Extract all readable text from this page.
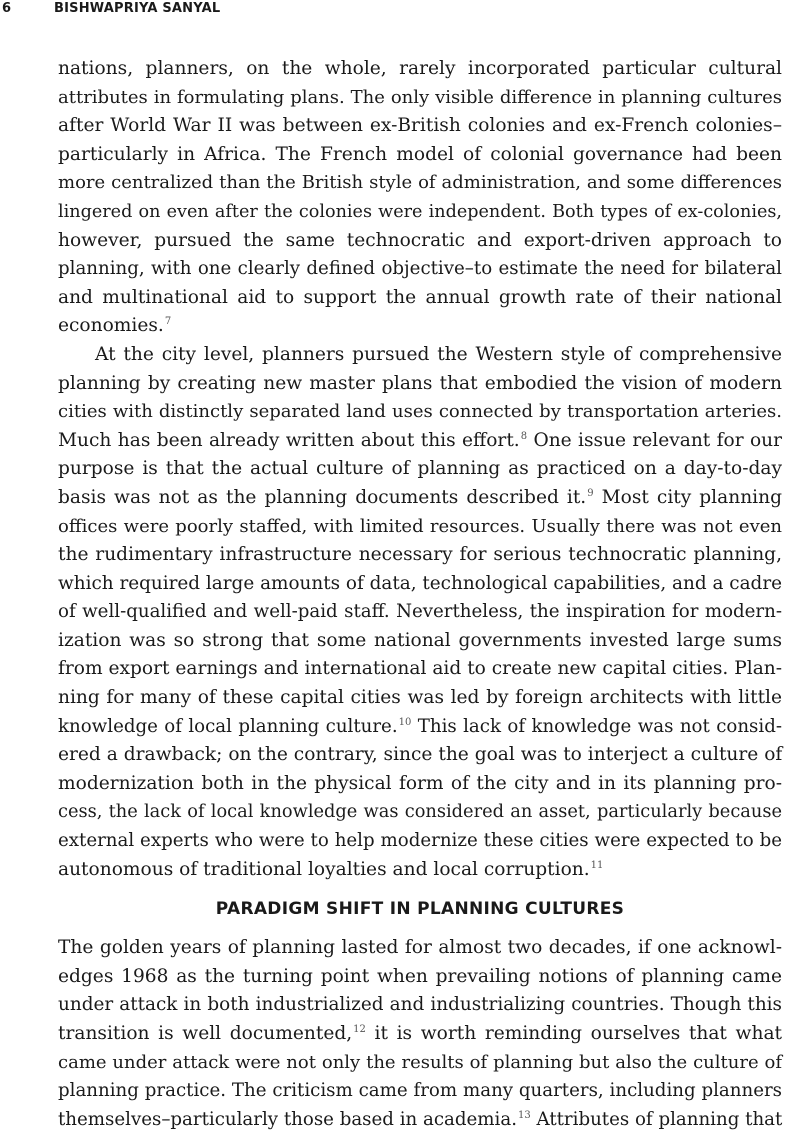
6	BISHWAPRIYA SANYAL
nations, planners, on the whole, rarely incorporated particular cultural
attributes in formulating plans. The only visible difference in planning cultures
after World War II was between ex-British colonies and ex-French colonies–
particularly in Africa. The French model of colonial governance had been
more centralized than the British style of administration, and some differences
lingered on even after the colonies were independent. Both types of ex-colonies,
however, pursued the same technocratic and export-driven approach to
planning, with one clearly defined objective–to estimate the need for bilateral
and multinational aid to support the annual growth rate of their national
economies.$^7$
At the city level, planners pursued the Western style of comprehensive
planning by creating new master plans that embodied the vision of modern
cities with distinctly separated land uses connected by transportation arteries.
Much has been already written about this effort.$^8$ One issue relevant for our
purpose is that the actual culture of planning as practiced on a day-to-day
basis was not as the planning documents described it.$^9$ Most city planning
offices were poorly staffed, with limited resources. Usually there was not even
the rudimentary infrastructure necessary for serious technocratic planning,
which required large amounts of data, technological capabilities, and a cadre
of well-qualified and well-paid staff. Nevertheless, the inspiration for modern-
ization was so strong that some national governments invested large sums
from export earnings and international aid to create new capital cities. Plan-
ning for many of these capital cities was led by foreign architects with little
knowledge of local planning culture.$^{10}$ This lack of knowledge was not consid-
ered a drawback; on the contrary, since the goal was to interject a culture of
modernization both in the physical form of the city and in its planning pro-
cess, the lack of local knowledge was considered an asset, particularly because
external experts who were to help modernize these cities were expected to be
autonomous of traditional loyalties and local corruption.$^{11}$
PARADIGM SHIFT IN PLANNING CULTURES
The golden years of planning lasted for almost two decades, if one acknowl-
edges 1968 as the turning point when prevailing notions of planning came
under attack in both industrialized and industrializing countries. Though this
transition is well documented,$^{12}$ it is worth reminding ourselves that what
came under attack were not only the results of planning but also the culture of
planning practice. The criticism came from many quarters, including planners
themselves–particularly those based in academia.$^{13}$ Attributes of planning that
